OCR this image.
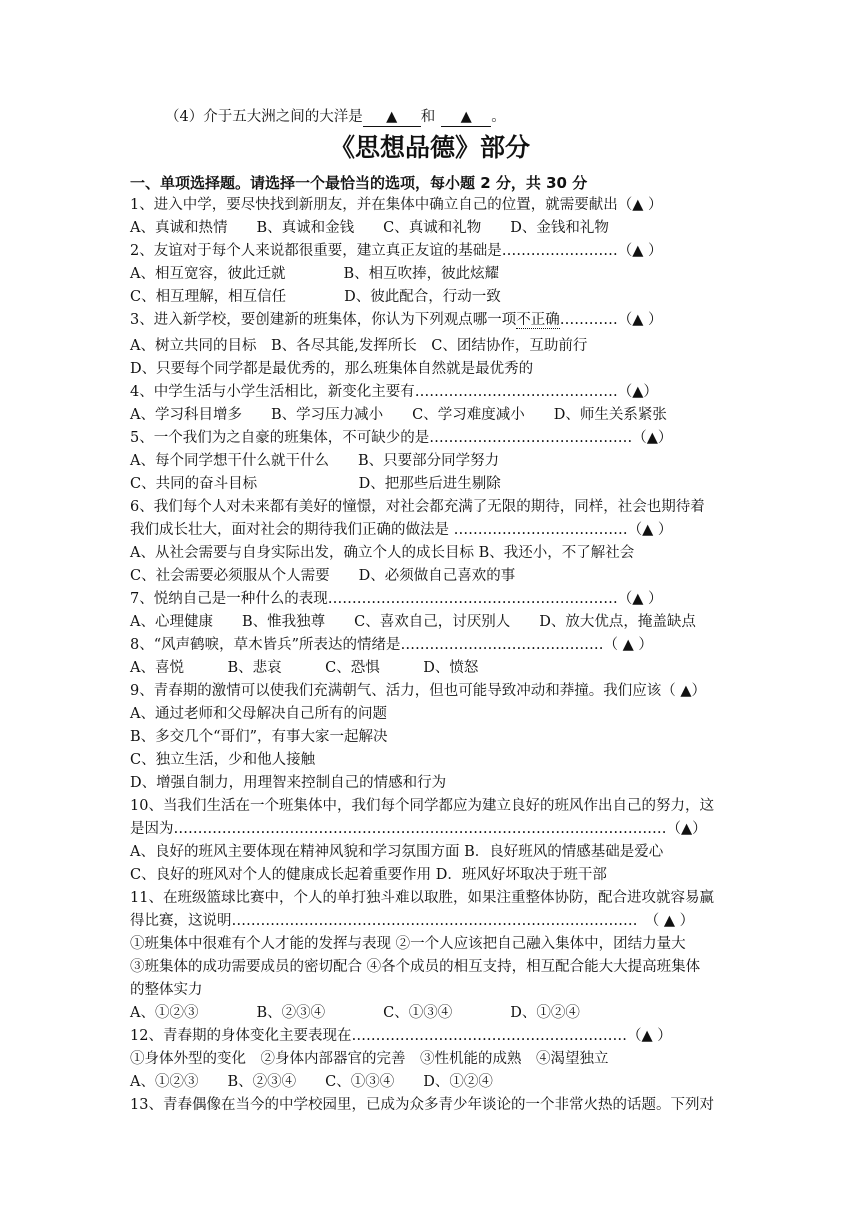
（4）介于五大洲之间的大洋是 ▲ 和 ▲ 。
《思想品德》部分
一、单项选择题。请选择一个最恰当的选项，每小题 2 分，共 30 分
1、进入中学，要尽快找到新朋友，并在集体中确立自己的位置，就需要献出（▲ ）
A、真诚和热情　　B、真诚和金钱　　C、真诚和礼物　　D、金钱和礼物
2、友谊对于每个人来说都很重要，建立真正友谊的基础是……………………（▲ ）
A、相互宽容，彼此迁就　　　　B、相互吹捧，彼此炫耀
C、相互理解，相互信任　　　　D、彼此配合，行动一致
3、进入新学校，要创建新的班集体，你认为下列观点哪一项不正确…………（▲ ）
A、树立共同的目标　B、各尽其能,发挥所长　C、团结协作，互助前行
D、只要每个同学都是最优秀的，那么班集体自然就是最优秀的
4、中学生活与小学生活相比，新变化主要有……………………………………（▲）
A、学习科目增多　　B、学习压力减小　　C、学习难度减小　　D、师生关系紧张
5、一个我们为之自豪的班集体，不可缺少的是……………………………………（▲）
A、每个同学想干什么就干什么　　B、只要部分同学努力
C、共同的奋斗目标　　　　　　　D、把那些后进生剔除
6、我们每个人对未来都有美好的憧憬，对社会都充满了无限的期待，同样，社会也期待着
我们成长壮大，面对社会的期待我们正确的做法是 ………………………………（▲ ）
A、从社会需要与自身实际出发，确立个人的成长目标 B、我还小，不了解社会
C、社会需要必须服从个人需要　　D、必须做自己喜欢的事
7、悦纳自己是一种什么的表现……………………………………………………（▲ ）
A、心理健康　　B、惟我独尊　　C、喜欢自己，讨厌别人　　D、放大优点，掩盖缺点
8、“风声鹤唳，草木皆兵”所表达的情绪是……………………………………（ ▲ ）
A、喜悦　　　B、悲哀　　　C、恐惧　　　D、愤怒
9、青春期的激情可以使我们充满朝气、活力，但也可能导致冲动和莽撞。我们应该（ ▲）
A、通过老师和父母解决自己所有的问题
B、多交几个“哥们”，有事大家一起解决
C、独立生活，少和他人接触
D、增强自制力，用理智来控制自己的情感和行为
10、当我们生活在一个班集体中，我们每个同学都应为建立良好的班风作出自己的努力，这
是因为…………………………………………………………………………………………（▲）
A、良好的班风主要体现在精神风貌和学习氛围方面 B．良好班风的情感基础是爱心
C、良好的班风对个人的健康成长起着重要作用 D．班风好坏取决于班干部
11、在班级篮球比赛中，个人的单打独斗难以取胜，如果注重整体协防，配合进攻就容易赢
得比赛，这说明…………………………………………………………………………　（ ▲ ）
①班集体中很难有个人才能的发挥与表现 ②一个人应该把自己融入集体中，团结力量大
③班集体的成功需要成员的密切配合 ④各个成员的相互支持，相互配合能大大提高班集体
的整体实力
A、①②③　　　　B、②③④　　　　C、①③④　　　　D、①②④
12、青春期的身体变化主要表现在…………………………………………………（▲ ）
①身体外型的变化　②身体内部器官的完善　③性机能的成熟　④渴望独立
A、①②③　　B、②③④　　C、①③④　　D、①②④
13、青春偶像在当今的中学校园里，已成为众多青少年谈论的一个非常火热的话题。下列对
